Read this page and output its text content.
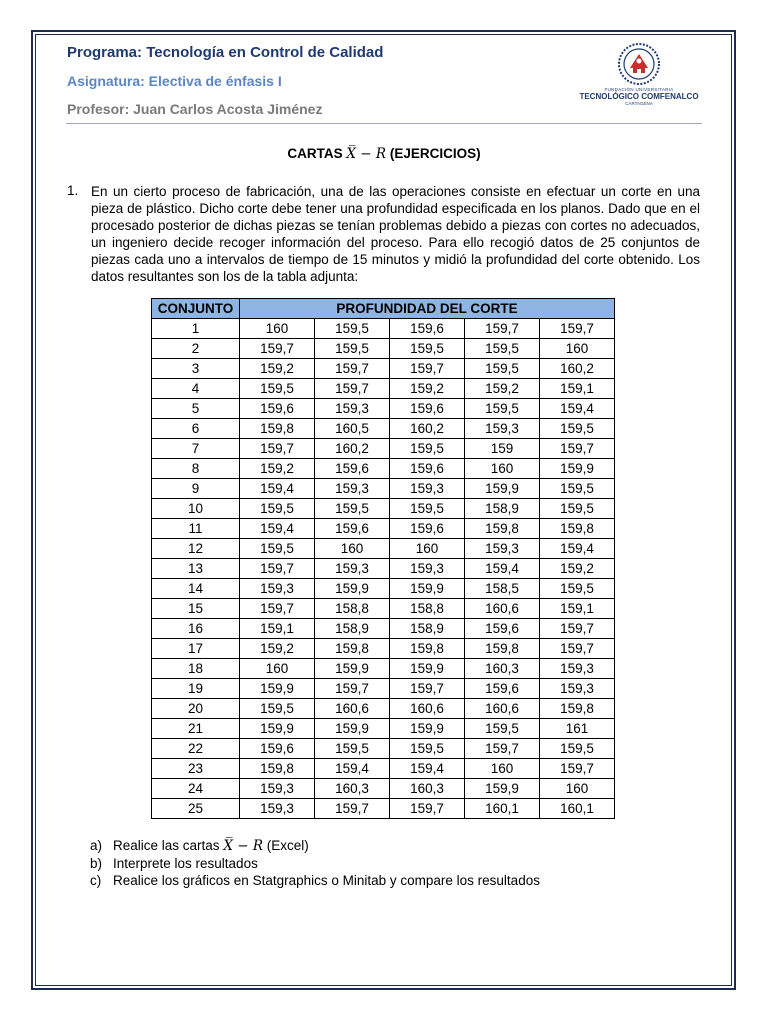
Programa: Tecnología en Control de Calidad
Asignatura: Electiva de énfasis I
Profesor: Juan Carlos Acosta Jiménez
FUNDACIÓN UNIVERSITARIA
TECNOLÓGICO COMFENALCO
CARTAGENA
CARTAS X̅ − R (EJERCICIOS)
1. En un cierto proceso de fabricación, una de las operaciones consiste en efectuar un corte en una pieza de plástico. Dicho corte debe tener una profundidad especificada en los planos. Dado que en el procesado posterior de dichas piezas se tenían problemas debido a piezas con cortes no adecuados, un ingeniero decide recoger información del proceso. Para ello recogió datos de 25 conjuntos de piezas cada uno a intervalos de tiempo de 15 minutos y midió la profundidad del corte obtenido. Los datos resultantes son los de la tabla adjunta:
CONJUNTO	PROFUNDIDAD DEL CORTE				
1	160	159,5	159,6	159,7	159,7
2	159,7	159,5	159,5	159,5	160
3	159,2	159,7	159,7	159,5	160,2
4	159,5	159,7	159,2	159,2	159,1
5	159,6	159,3	159,6	159,5	159,4
6	159,8	160,5	160,2	159,3	159,5
7	159,7	160,2	159,5	159	159,7
8	159,2	159,6	159,6	160	159,9
9	159,4	159,3	159,3	159,9	159,5
10	159,5	159,5	159,5	158,9	159,5
11	159,4	159,6	159,6	159,8	159,8
12	159,5	160	160	159,3	159,4
13	159,7	159,3	159,3	159,4	159,2
14	159,3	159,9	159,9	158,5	159,5
15	159,7	158,8	158,8	160,6	159,1
16	159,1	158,9	158,9	159,6	159,7
17	159,2	159,8	159,8	159,8	159,7
18	160	159,9	159,9	160,3	159,3
19	159,9	159,7	159,7	159,6	159,3
20	159,5	160,6	160,6	160,6	159,8
21	159,9	159,9	159,9	159,5	161
22	159,6	159,5	159,5	159,7	159,5
23	159,8	159,4	159,4	160	159,7
24	159,3	160,3	160,3	159,9	160
25	159,3	159,7	159,7	160,1	160,1
a) Realice las cartas X̅ − R (Excel)
b) Interprete los resultados
c) Realice los gráficos en Statgraphics o Minitab y compare los resultados
